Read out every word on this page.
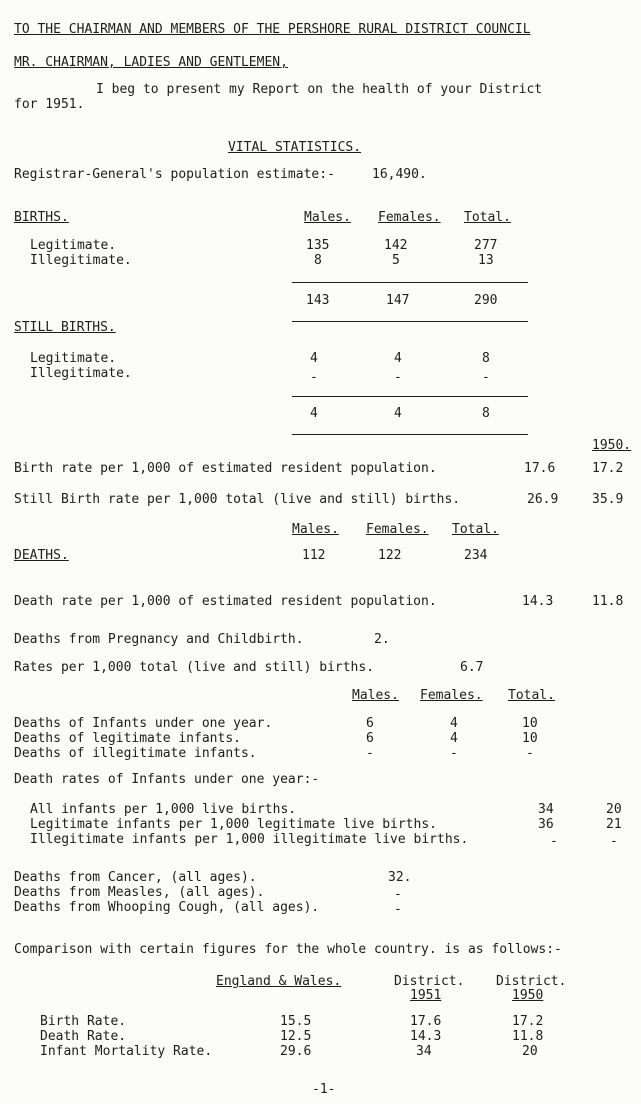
TO THE CHAIRMAN AND MEMBERS OF THE PERSHORE RURAL DISTRICT COUNCIL
MR. CHAIRMAN, LADIES AND GENTLEMEN,
I beg to present my Report on the health of your District
for 1951.
VITAL STATISTICS.
Registrar-General's population estimate:-	16,490.
BIRTHS.	Males. Females. Total.
Legitimate.	135	142	277
Illegitimate.	8	5	13
143	147	290
STILL BIRTHS.
Legitimate.	4	4	8
Illegitimate.	-	-	-
4	4	8
1950.
Birth rate per 1,000 of estimated resident population.	17.6	17.2
Still Birth rate per 1,000 total (live and still) births.	26.9	35.9
Males. Females. Total.
DEATHS.	112	122	234
Death rate per 1,000 of estimated resident population.	14.3	11.8
Deaths from Pregnancy and Childbirth.	2.
Rates per 1,000 total (live and still) births.	6.7
Males. Females. Total.
Deaths of Infants under one year.	6	4	10
Deaths of legitimate infants.	6	4	10
Deaths of illegitimate infants.	-	-	-
Death rates of Infants under one year:-
All infants per 1,000 live births.	34	20
Legitimate infants per 1,000 legitimate live births.	36	21
Illegitimate infants per 1,000 illegitimate live births.	-	-
Deaths from Cancer, (all ages).	32.
Deaths from Measles, (all ages).	-
Deaths from Whooping Cough, (all ages).	-
Comparison with certain figures for the whole country. is as follows:-
England & Wales.	District. District.
1951	1950
Birth Rate.	15.5	17.6	17.2
Death Rate.	12.5	14.3	11.8
Infant Mortality Rate.	29.6	34	20
-1-
